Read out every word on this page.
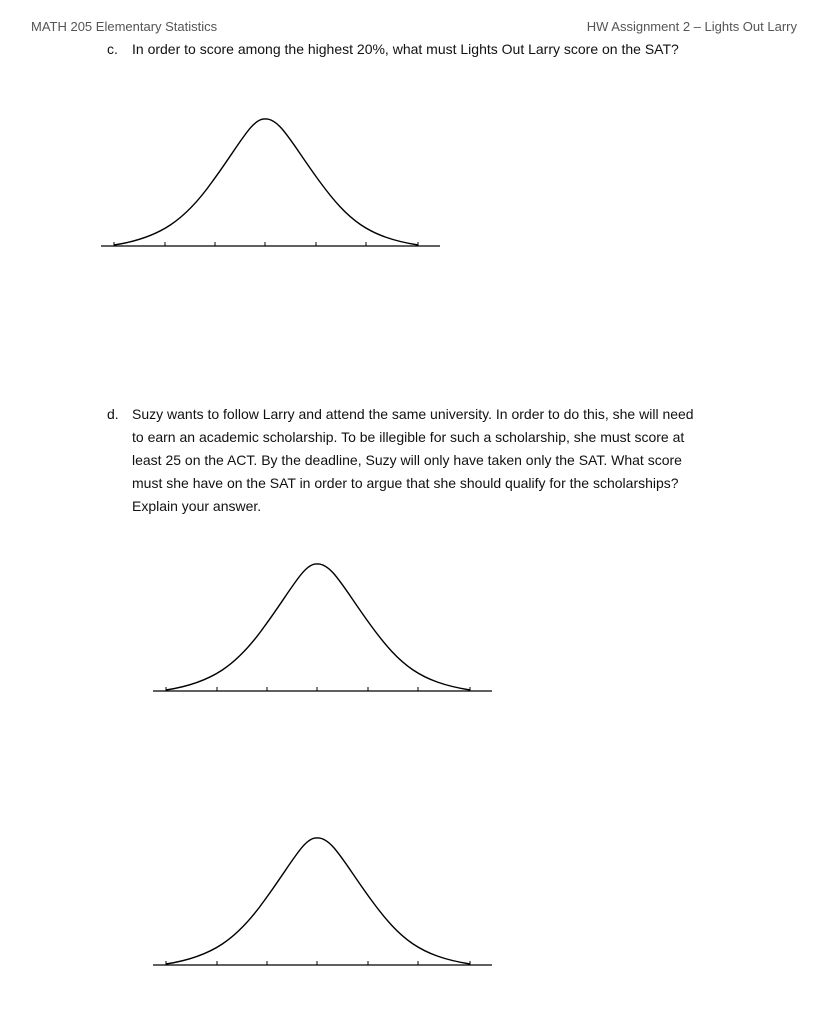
MATH 205 Elementary Statistics	HW Assignment 2 – Lights Out Larry
c. In order to score among the highest 20%, what must Lights Out Larry score on the SAT?
d. Suzy wants to follow Larry and attend the same university. In order to do this, she will need to earn an academic scholarship. To be illegible for such a scholarship, she must score at least 25 on the ACT. By the deadline, Suzy will only have taken only the SAT. What score must she have on the SAT in order to argue that she should qualify for the scholarships? Explain your answer.
